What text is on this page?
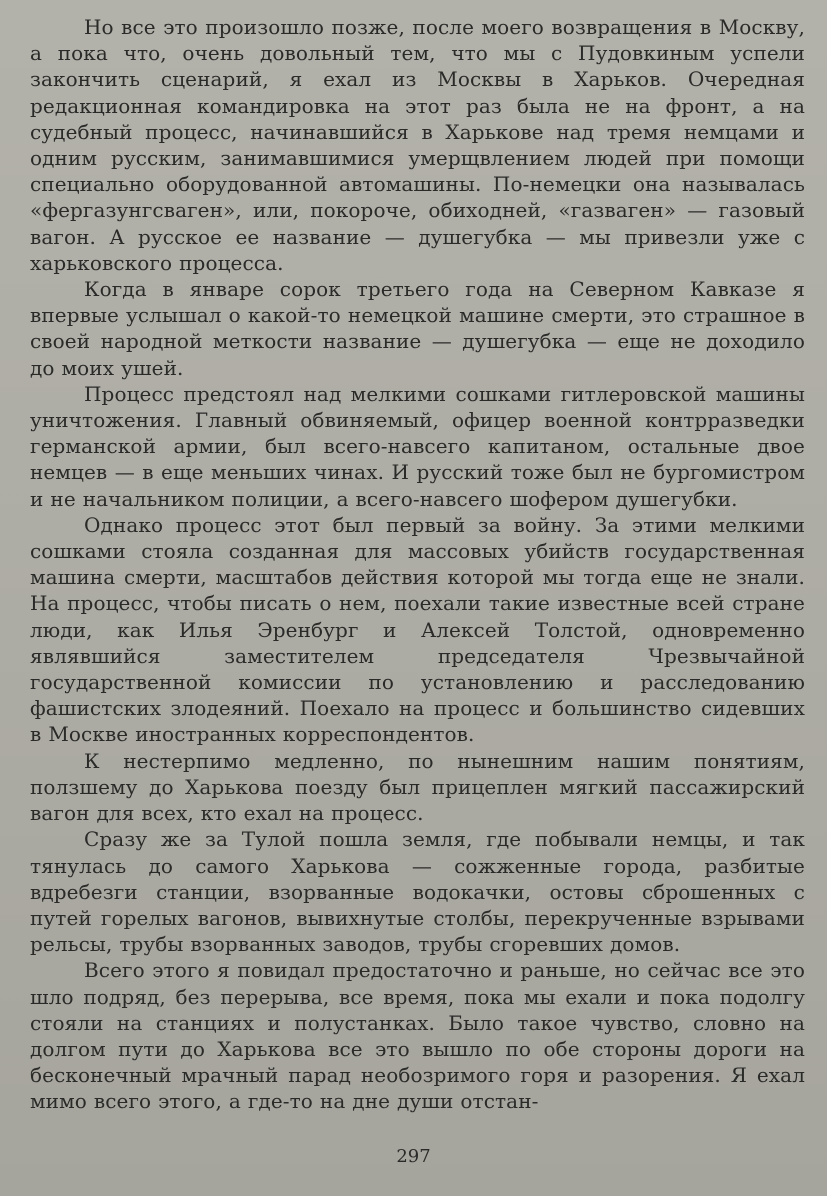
Но все это произошло позже, после моего возвращения в Москву, а пока что, очень довольный тем, что мы с Пудовкиным успели закончить сценарий, я ехал из Москвы в Харьков. Очередная редакционная командировка на этот раз была не на фронт, а на судебный процесс, начинавшийся в Харькове над тремя немцами и одним русским, занимавшимися умерщвлением людей при помощи специально оборудованной автомашины. По-немецки она называлась «фергазунгсваген», или, покороче, обиходней, «газваген» — газовый вагон. А русское ее название — душегубка — мы привезли уже с харьковского процесса.

Когда в январе сорок третьего года на Северном Кавказе я впервые услышал о какой-то немецкой машине смерти, это страшное в своей народной меткости название — душегубка — еще не доходило до моих ушей.

Процесс предстоял над мелкими сошками гитлеровской машины уничтожения. Главный обвиняемый, офицер военной контрразведки германской армии, был всего-навсего капитаном, остальные двое немцев — в еще меньших чинах. И русский тоже был не бургомистром и не начальником полиции, а всего-навсего шофером душегубки.

Однако процесс этот был первый за войну. За этими мелкими сошками стояла созданная для массовых убийств государственная машина смерти, масштабов действия которой мы тогда еще не знали. На процесс, чтобы писать о нем, поехали такие известные всей стране люди, как Илья Эренбург и Алексей Толстой, одновременно являвшийся заместителем председателя Чрезвычайной государственной комиссии по установлению и расследованию фашистских злодеяний. Поехало на процесс и большинство сидевших в Москве иностранных корреспондентов.

К нестерпимо медленно, по нынешним нашим понятиям, ползшему до Харькова поезду был прицеплен мягкий пассажирский вагон для всех, кто ехал на процесс.

Сразу же за Тулой пошла земля, где побывали немцы, и так тянулась до самого Харькова — сожженные города, разбитые вдребезги станции, взорванные водокачки, остовы сброшенных с путей горелых вагонов, вывихнутые столбы, перекрученные взрывами рельсы, трубы взорванных заводов, трубы сгоревших домов.

Всего этого я повидал предостаточно и раньше, но сейчас все это шло подряд, без перерыва, все время, пока мы ехали и пока подолгу стояли на станциях и полустанках. Было такое чувство, словно на долгом пути до Харькова все это вышло по обе стороны дороги на бесконечный мрачный парад необозримого горя и разорения. Я ехал мимо всего этого, а где-то на дне души отстан-

297
